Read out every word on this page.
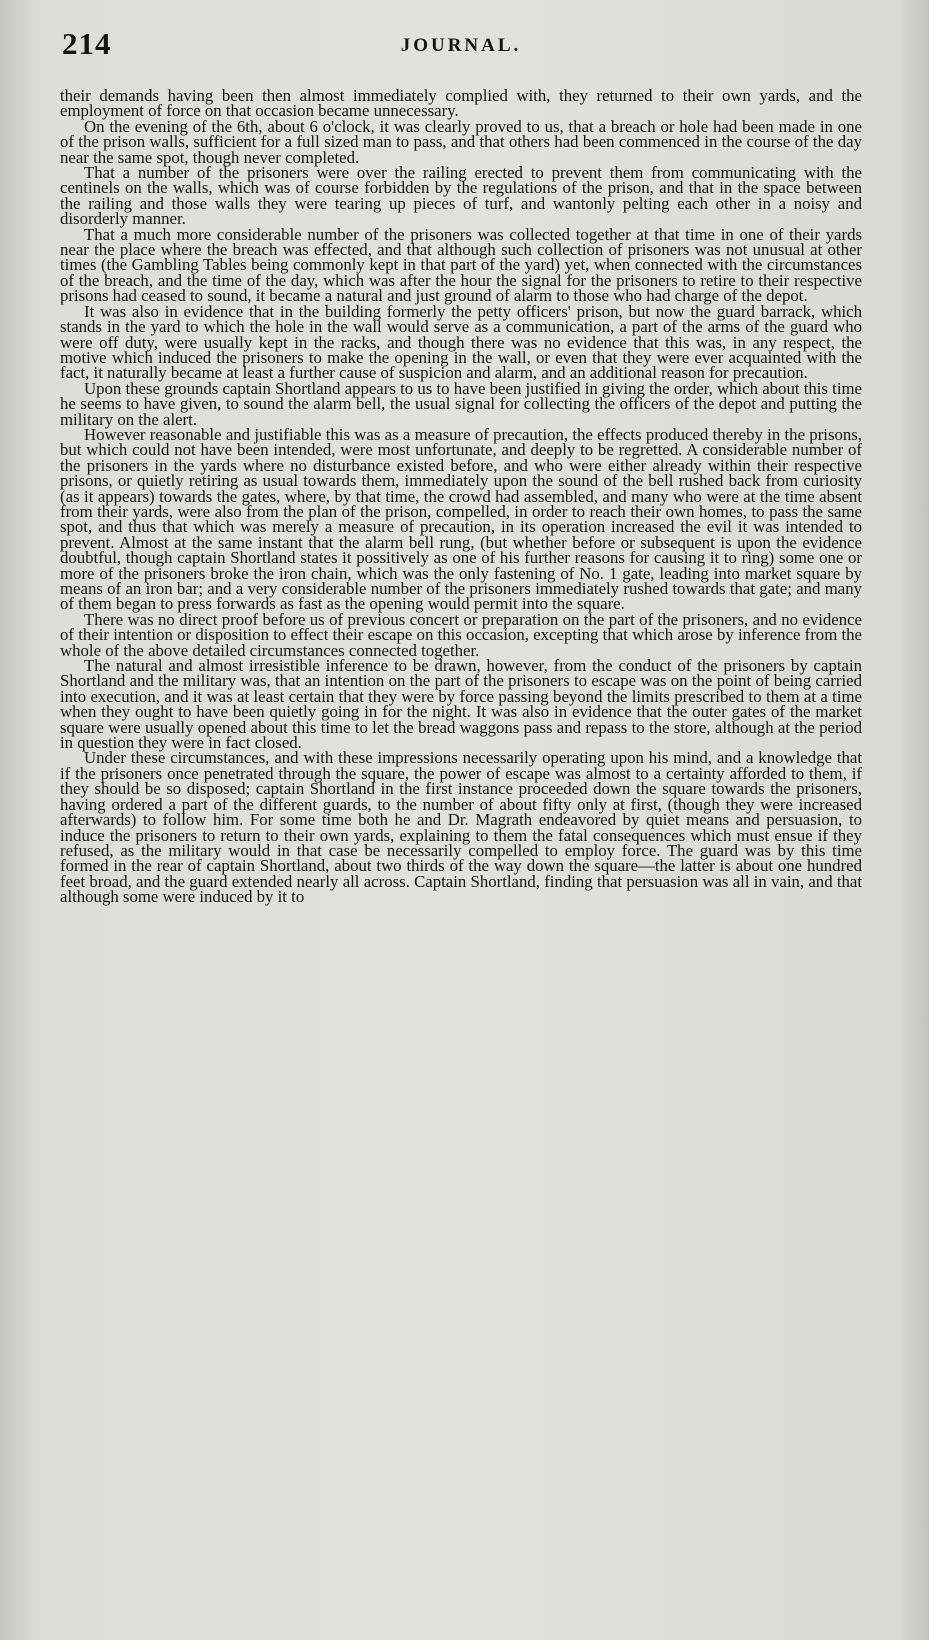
214	JOURNAL.

their demands having been then almost immediately complied with, they returned to their own yards, and the employment of force on that occasion became unnecessary.

On the evening of the 6th, about 6 o'clock, it was clearly proved to us, that a breach or hole had been made in one of the prison walls, sufficient for a full sized man to pass, and that others had been commenced in the course of the day near the same spot, though never completed.

That a number of the prisoners were over the railing erected to prevent them from communicating with the centinels on the walls, which was of course forbidden by the regulations of the prison, and that in the space between the railing and those walls they were tearing up pieces of turf, and wantonly pelting each other in a noisy and disorderly manner.

That a much more considerable number of the prisoners was collected together at that time in one of their yards near the place where the breach was effected, and that although such collection of prisoners was not unusual at other times (the Gambling Tables being commonly kept in that part of the yard) yet, when connected with the circumstances of the breach, and the time of the day, which was after the hour the signal for the prisoners to retire to their respective prisons had ceased to sound, it became a natural and just ground of alarm to those who had charge of the depot.

It was also in evidence that in the building formerly the petty officers' prison, but now the guard barrack, which stands in the yard to which the hole in the wall would serve as a communication, a part of the arms of the guard who were off duty, were usually kept in the racks, and though there was no evidence that this was, in any respect, the motive which induced the prisoners to make the opening in the wall, or even that they were ever acquainted with the fact, it naturally became at least a further cause of suspicion and alarm, and an additional reason for precaution.

Upon these grounds captain Shortland appears to us to have been justified in giving the order, which about this time he seems to have given, to sound the alarm bell, the usual signal for collecting the officers of the depot and putting the military on the alert.

However reasonable and justifiable this was as a measure of precaution, the effects produced thereby in the prisons, but which could not have been intended, were most unfortunate, and deeply to be regretted. A considerable number of the prisoners in the yards where no disturbance existed before, and who were either already within their respective prisons, or quietly retiring as usual towards them, immediately upon the sound of the bell rushed back from curiosity (as it appears) towards the gates, where, by that time, the crowd had assembled, and many who were at the time absent from their yards, were also from the plan of the prison, compelled, in order to reach their own homes, to pass the same spot, and thus that which was merely a measure of precaution, in its operation increased the evil it was intended to prevent. Almost at the same instant that the alarm bell rung, (but whether before or subsequent is upon the evidence doubtful, though captain Shortland states it possitively as one of his further reasons for causing it to ring) some one or more of the prisoners broke the iron chain, which was the only fastening of No. 1 gate, leading into market square by means of an iron bar; and a very considerable number of the prisoners immediately rushed towards that gate; and many of them began to press forwards as fast as the opening would permit into the square.

There was no direct proof before us of previous concert or preparation on the part of the prisoners, and no evidence of their intention or disposition to effect their escape on this occasion, excepting that which arose by inference from the whole of the above detailed circumstances connected together.

The natural and almost irresistible inference to be drawn, however, from the conduct of the prisoners by captain Shortland and the military was, that an intention on the part of the prisoners to escape was on the point of being carried into execution, and it was at least certain that they were by force passing beyond the limits prescribed to them at a time when they ought to have been quietly going in for the night. It was also in evidence that the outer gates of the market square were usually opened about this time to let the bread waggons pass and repass to the store, although at the period in question they were in fact closed.

Under these circumstances, and with these impressions necessarily operating upon his mind, and a knowledge that if the prisoners once penetrated through the square, the power of escape was almost to a certainty afforded to them, if they should be so disposed; captain Shortland in the first instance proceeded down the square towards the prisoners, having ordered a part of the different guards, to the number of about fifty only at first, (though they were increased afterwards) to follow him. For some time both he and Dr. Magrath endeavored by quiet means and persuasion, to induce the prisoners to return to their own yards, explaining to them the fatal consequences which must ensue if they refused, as the military would in that case be necessarily compelled to employ force. The guard was by this time formed in the rear of captain Shortland, about two thirds of the way down the square—the latter is about one hundred feet broad, and the guard extended nearly all across. Captain Shortland, finding that persuasion was all in vain, and that although some were induced by it to
